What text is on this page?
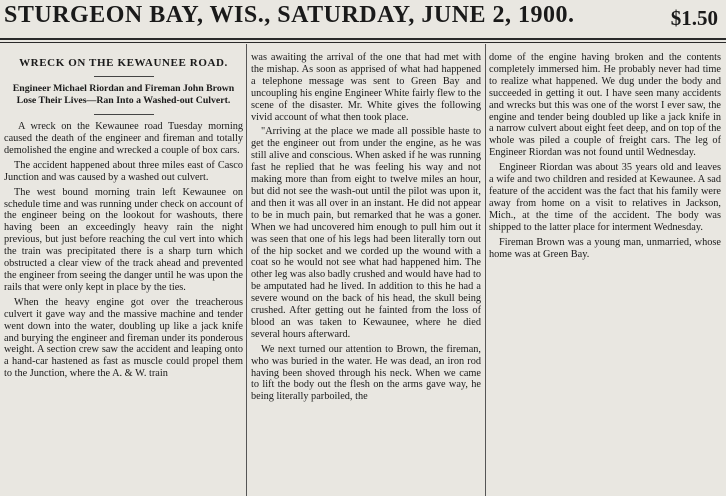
STURGEON BAY, WIS., SATURDAY, JUNE 2, 1900.	$1.50
WRECK ON THE KEWAUNEE ROAD.
Engineer Michael Riordan and Fireman John Brown Lose Their Lives—Ran Into a Washed-out Culvert.

A wreck on the Kewaunee road Tuesday morning caused the death of the engineer and fireman and totally demolished the engine and wrecked a couple of box cars.

The accident happened about three miles east of Casco Junction and was caused by a washed out culvert.

The west bound morning train left Kewaunee on schedule time and was running under check on account of the engineer being on the lookout for washouts, there having been an exceedingly heavy rain the night previous, but just before reaching the cul vert into which the train was precipitated there is a sharp turn which obstructed a clear view of the track ahead and prevented the engineer from seeing the danger until he was upon the rails that were only kept in place by the ties.

When the heavy engine got over the treacherous culvert it gave way and the massive machine and tender went down into the water, doubling up like a jack knife and burying the engineer and fireman under its ponderous weight. A section crew saw the accident and leaping onto a hand-car hastened as fast as muscle could propel them to the Junction, where the A. & W. train

was awaiting the arrival of the one that had met with the mishap. As soon as apprised of what had happened a telephone message was sent to Green Bay and uncoupling his engine Engineer White fairly flew to the scene of the disaster. Mr. White gives the following vivid account of what then took place.

"Arriving at the place we made all possible haste to get the engineer out from under the engine, as he was still alive and conscious. When asked if he was running fast he replied that he was feeling his way and not making more than from eight to twelve miles an hour, but did not see the wash-out until the pilot was upon it, and then it was all over in an instant. He did not appear to be in much pain, but remarked that he was a goner. When we had uncovered him enough to pull him out it was seen that one of his legs had been literally torn out of the hip socket and we corded up the wound with a coat so he would not see what had happened him. The other leg was also badly crushed and would have had to be amputated had he lived. In addition to this he had a severe wound on the back of his head, the skull being crushed. After getting out he fainted from the loss of blood an was taken to Kewaunee, where he died several hours afterward.

We next turned our attention to Brown, the fireman, who was buried in the water. He was dead, an iron rod having been shoved through his neck. When we came to lift the body out the flesh on the arms gave way, he being literally parboiled, the

dome of the engine having broken and the contents completely immersed him. He probably never had time to realize what happened. We dug under the body and succeeded in getting it out. I have seen many accidents and wrecks but this was one of the worst I ever saw, the engine and tender being doubled up like a jack knife in a narrow culvert about eight feet deep, and on top of the whole was piled a couple of freight cars. The leg of Engineer Riordan was not found until Wednesday.

Engineer Riordan was about 35 years old and leaves a wife and two children and resided at Kewaunee. A sad feature of the accident was the fact that his family were away from home on a visit to relatives in Jackson, Mich., at the time of the accident. The body was shipped to the latter place for interment Wednesday.

Fireman Brown was a young man, unmarried, whose home was at Green Bay.
